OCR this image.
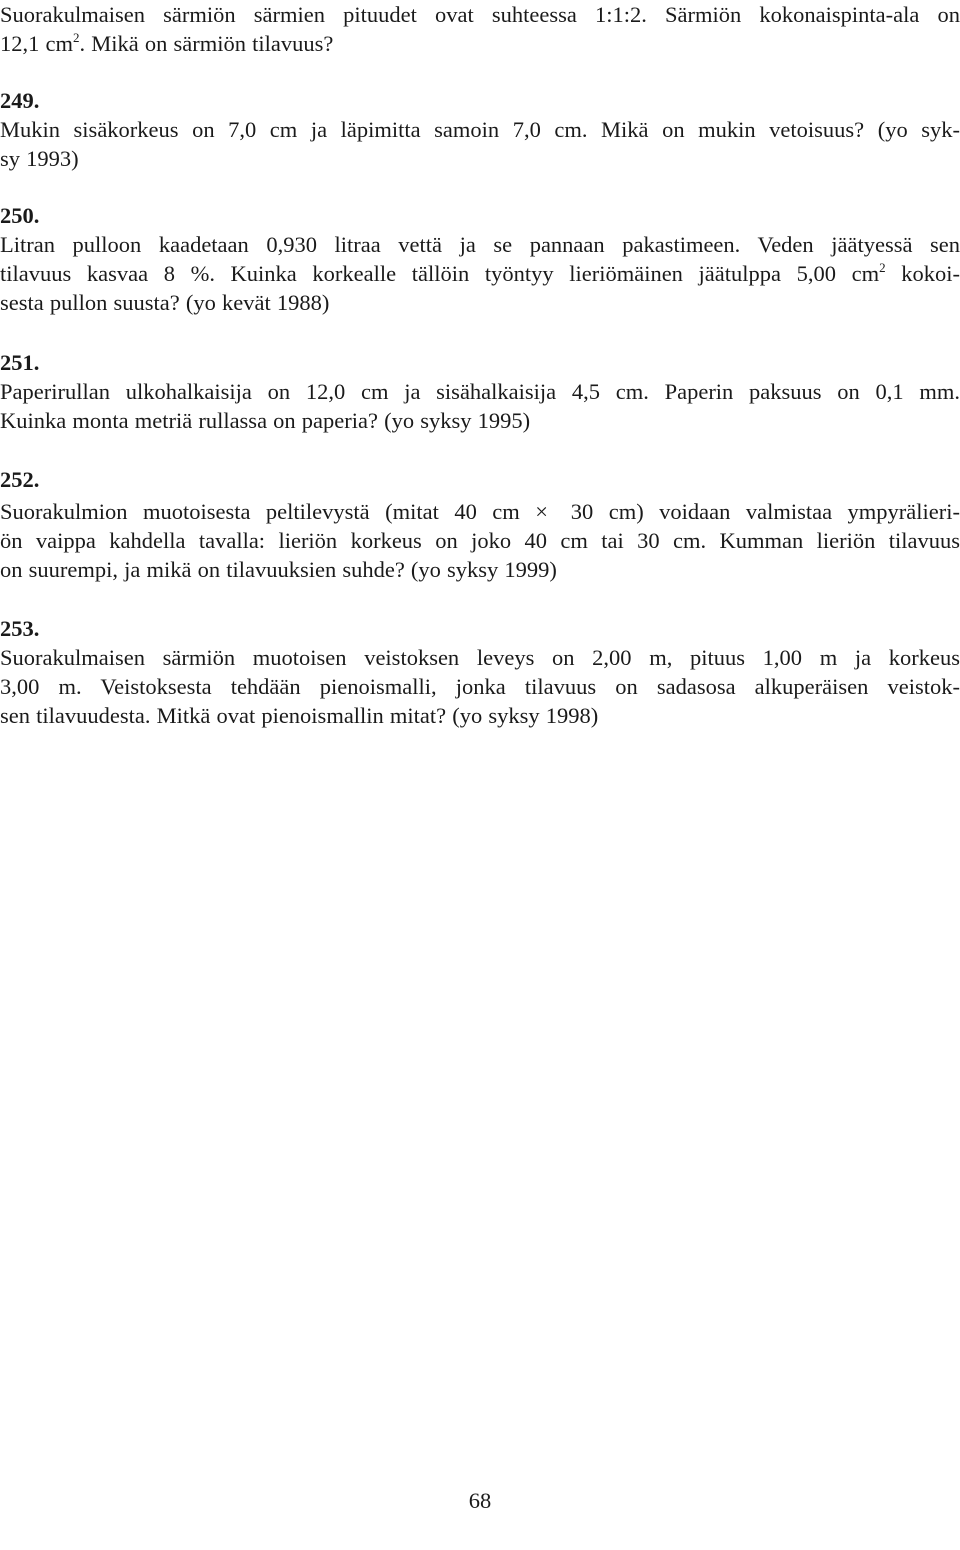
Suorakulmaisen särmiön särmien pituudet ovat suhteessa 1:1:2. Särmiön kokonaispinta-ala on
12,1 $cm^2$. Mikä on särmiön tilavuus?
249.
Mukin sisäkorkeus on 7,0 cm ja läpimitta samoin 7,0 cm. Mikä on mukin vetoisuus? (yo syk-
sy 1993)
250.
Litran pulloon kaadetaan 0,930 litraa vettä ja se pannaan pakastimeen. Veden jäätyessä sen
tilavuus kasvaa 8 %. Kuinka korkealle tällöin työntyy lieriömäinen jäätulppa 5,00 $cm^2$ kokoi-
sesta pullon suusta? (yo kevät 1988)
251.
Paperirullan ulkohalkaisija on 12,0 cm ja sisähalkaisija 4,5 cm. Paperin paksuus on 0,1 mm.
Kuinka monta metriä rullassa on paperia? (yo syksy 1995)
252.
Suorakulmion muotoisesta peltilevystä (mitat 40 cm × 30 cm) voidaan valmistaa ympyrälieri-
ön vaippa kahdella tavalla: lieriön korkeus on joko 40 cm tai 30 cm. Kumman lieriön tilavuus
on suurempi, ja mikä on tilavuuksien suhde? (yo syksy 1999)
253.
Suorakulmaisen särmiön muotoisen veistoksen leveys on 2,00 m, pituus 1,00 m ja korkeus
3,00 m. Veistoksesta tehdään pienoismalli, jonka tilavuus on sadasosa alkuperäisen veistok-
sen tilavuudesta. Mitkä ovat pienoismallin mitat? (yo syksy 1998)
68
